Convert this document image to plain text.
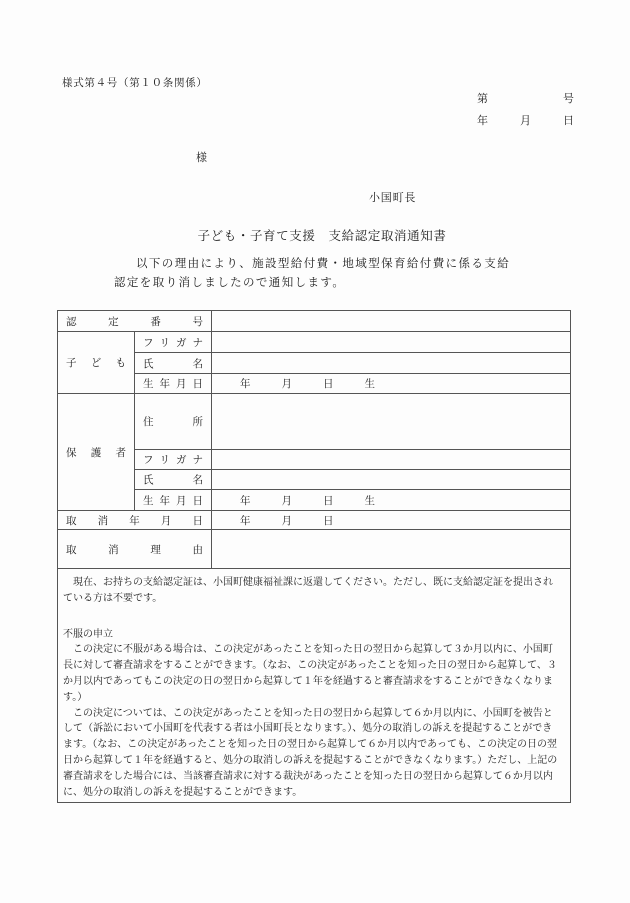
様式第４号（第１０条関係）
第	号
年	月	日
様
小国町長
子ども・子育て支援　支給認定取消通知書
以下の理由により、施設型給付費・地域型保育給付費に係る支給
認定を取り消しましたので通知します。
認 定 番 号		

子 ど も	フ リ ガ ナ	

	氏 名	

	生 年 月 日	年 月 日 生

保 護 者	住 所	

	フ リ ガ ナ	

	氏 名	

	生 年 月 日	年 月 日 生

取 消 年 月 日		年 月 日

取 消 理 由		

現在、お持ちの支給認定証は、小国町健康福祉課に返還してください。ただし、既に支給認定証を提出されている方は不要です。

不服の申立

この決定に不服がある場合は、この決定があったことを知った日の翌日から起算して３か月以内に、小国町長に対して審査請求をすることができます。（なお、この決定があったことを知った日の翌日から起算して、３か月以内であってもこの決定の日の翌日から起算して１年を経過すると審査請求をすることができなくなります。）

この決定については、この決定があったことを知った日の翌日から起算して６か月以内に、小国町を被告として（訴訟において小国町を代表する者は小国町長となります。）、処分の取消しの訴えを提起することができます。（なお、この決定があったことを知った日の翌日から起算して６か月以内であっても、この決定の日の翌日から起算して１年を経過すると、処分の取消しの訴えを提起することができなくなります。）ただし、上記の審査請求をした場合には、当該審査請求に対する裁決があったことを知った日の翌日から起算して６か月以内に、処分の取消しの訴えを提起することができます。		
